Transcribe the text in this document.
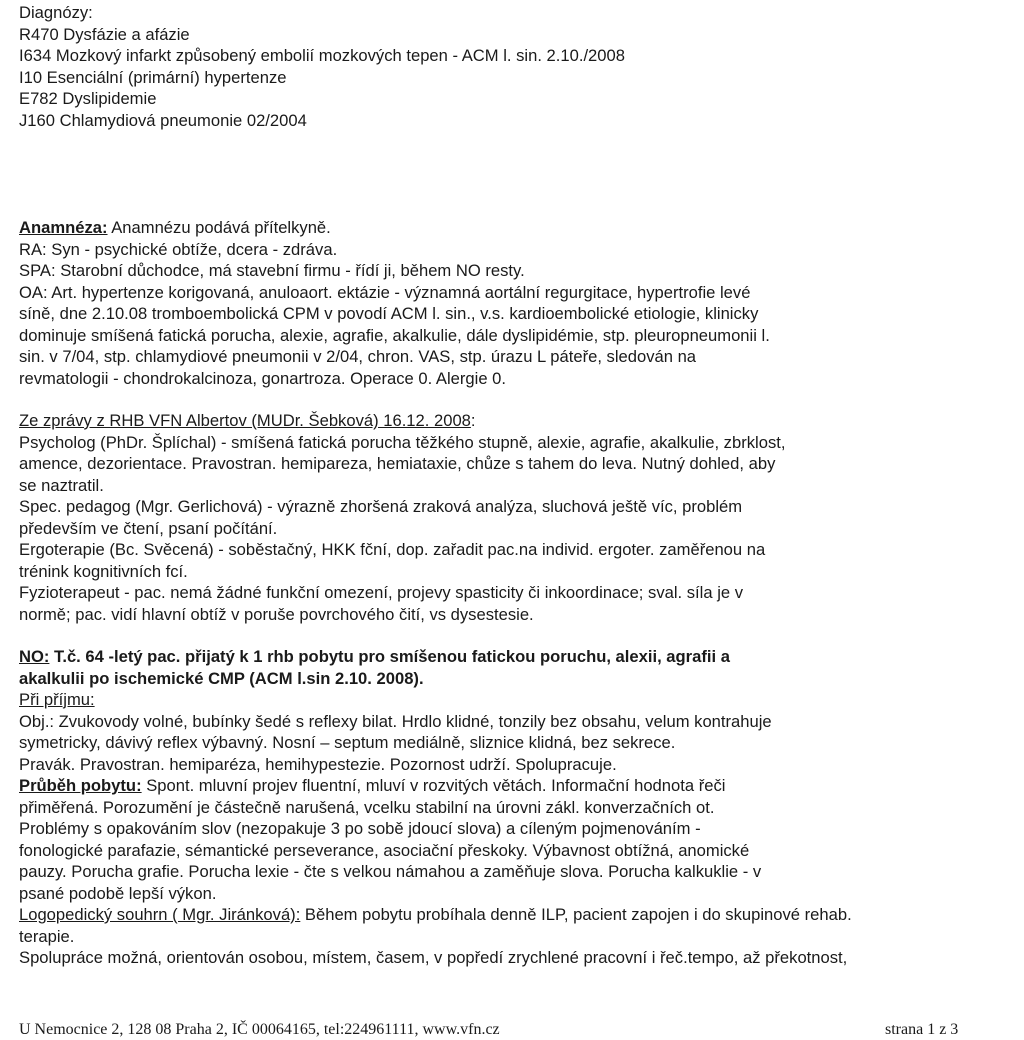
Diagnózy:
R470 Dysfázie a afázie
I634 Mozkový infarkt způsobený embolií mozkových tepen - ACM l. sin. 2.10./2008
I10 Esenciální (primární) hypertenze
E782 Dyslipidemie
J160 Chlamydiová pneumonie 02/2004
Anamnéza: Anamnézu podává přítelkyně.
RA: Syn - psychické obtíže, dcera - zdráva.
SPA: Starobní důchodce, má stavební firmu - řídí ji, během NO resty.
OA: Art. hypertenze korigovaná, anuloaort. ektázie - významná aortální regurgitace, hypertrofie levé
síně, dne 2.10.08 tromboembolická CPM v povodí ACM l. sin., v.s. kardioembolické etiologie, klinicky
dominuje smíšená fatická porucha, alexie, agrafie, akalkulie, dále dyslipidémie, stp. pleuropneumonii l.
sin. v 7/04, stp. chlamydiové pneumonii v 2/04, chron. VAS, stp. úrazu L páteře, sledován na
revmatologii - chondrokalcinoza, gonartroza. Operace 0. Alergie 0.
Ze zprávy z RHB VFN Albertov (MUDr. Šebková) 16.12. 2008:
Psycholog (PhDr. Šplíchal) - smíšená fatická porucha těžkého stupně, alexie, agrafie, akalkulie, zbrklost,
amence, dezorientace. Pravostran. hemipareza, hemiataxie, chůze s tahem do leva. Nutný dohled, aby
se naztratil.
Spec. pedagog (Mgr. Gerlichová) - výrazně zhoršená zraková analýza, sluchová ještě víc, problém
především ve čtení, psaní počítání.
Ergoterapie (Bc. Svěcená) - soběstačný, HKK fční, dop. zařadit pac.na individ. ergoter. zaměřenou na
trénink kognitivních fcí.
Fyzioterapeut - pac. nemá žádné funkční omezení, projevy spasticity či inkoordinace; sval. síla je v
normě; pac. vidí hlavní obtíž v poruše povrchového čití, vs dysestesie.
NO: T.č. 64 -letý pac. přijatý k 1 rhb pobytu pro smíšenou fatickou poruchu, alexii, agrafii a
akalkulii po ischemické CMP (ACM l.sin 2.10. 2008).
Při příjmu:
Obj.: Zvukovody volné, bubínky šedé s reflexy bilat. Hrdlo klidné, tonzily bez obsahu, velum kontrahuje
symetricky, dávivý reflex výbavný. Nosní – septum mediálně, sliznice klidná, bez sekrece.
Pravák. Pravostran. hemiparéza, hemihypestezie. Pozornost udrží. Spolupracuje.
Průběh pobytu: Spont. mluvní projev fluentní, mluví v rozvitých větách. Informační hodnota řeči
přiměřená. Porozumění je částečně narušená, vcelku stabilní na úrovni zákl. konverzačních ot.
Problémy s opakováním slov (nezopakuje 3 po sobě jdoucí slova) a cíleným pojmenováním -
fonologické parafazie, sémantické perseverance, asociační přeskoky. Výbavnost obtížná, anomické
pauzy. Porucha grafie. Porucha lexie - čte s velkou námahou a zaměňuje slova. Porucha kalkuklie - v
psané podobě lepší výkon.
Logopedický souhrn ( Mgr. Jiránková): Během pobytu probíhala denně ILP, pacient zapojen i do skupinové rehab.
terapie.
Spolupráce možná, orientován osobou, místem, časem, v popředí zrychlené pracovní i řeč.tempo, až překotnost,
U Nemocnice 2, 128 08 Praha 2, IČ 00064165, tel:224961111, www.vfn.cz	strana 1 z 3
